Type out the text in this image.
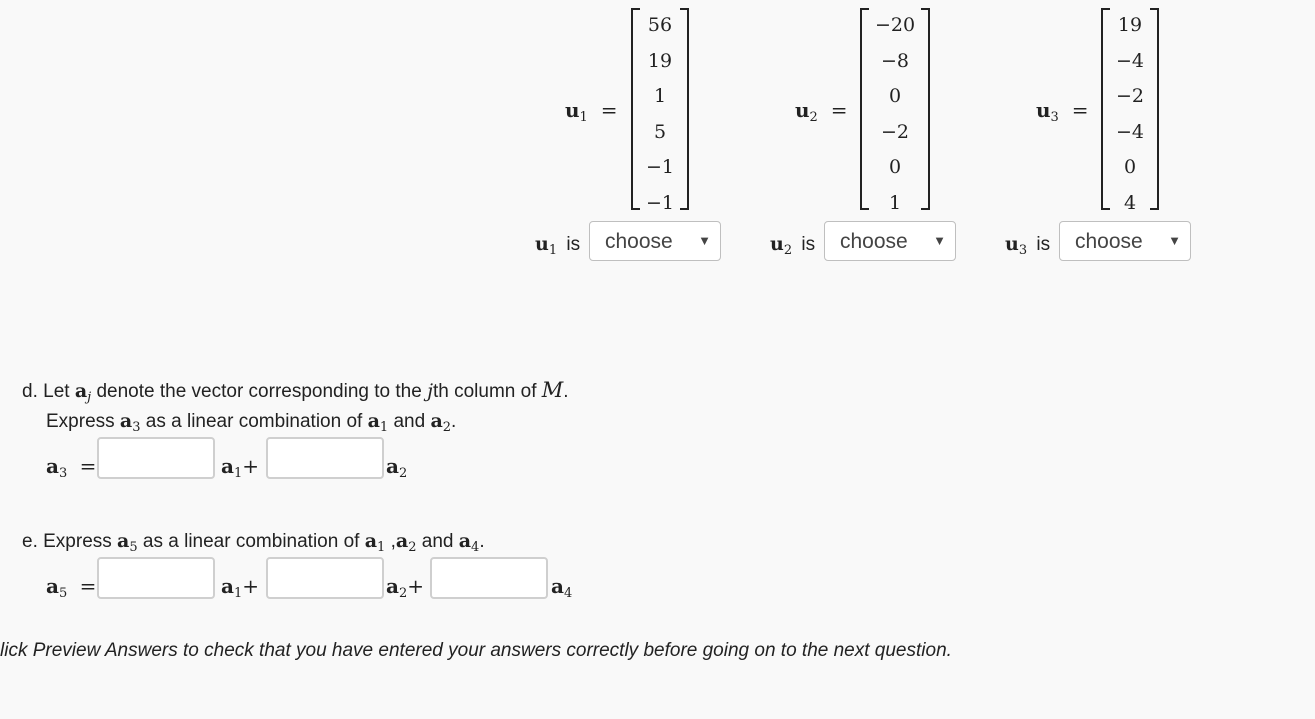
$u_1$ =
56
19
1
5
−1
−1
$u_2$ =
−20
−8
0
−2
0
1
$u_3$ =
19
−4
−2
−4
0
4
$u_1$ is choose ▼	$u_2$ is choose ▼	$u_3$ is choose ▼
d. Let $a_j$ denote the vector corresponding to the jth column of M.
Express $a_3$ as a linear combination of $a_1$ and $a_2$.
$a_3$ =	$a_1+$	$a_2$
e. Express $a_5$ as a linear combination of $a_1$ $,a_2$ and $a_4$.
$a_5$ =	$a_1+$	$a_2+$	$a_4$
lick Preview Answers to check that you have entered your answers correctly before going on to the next question.
